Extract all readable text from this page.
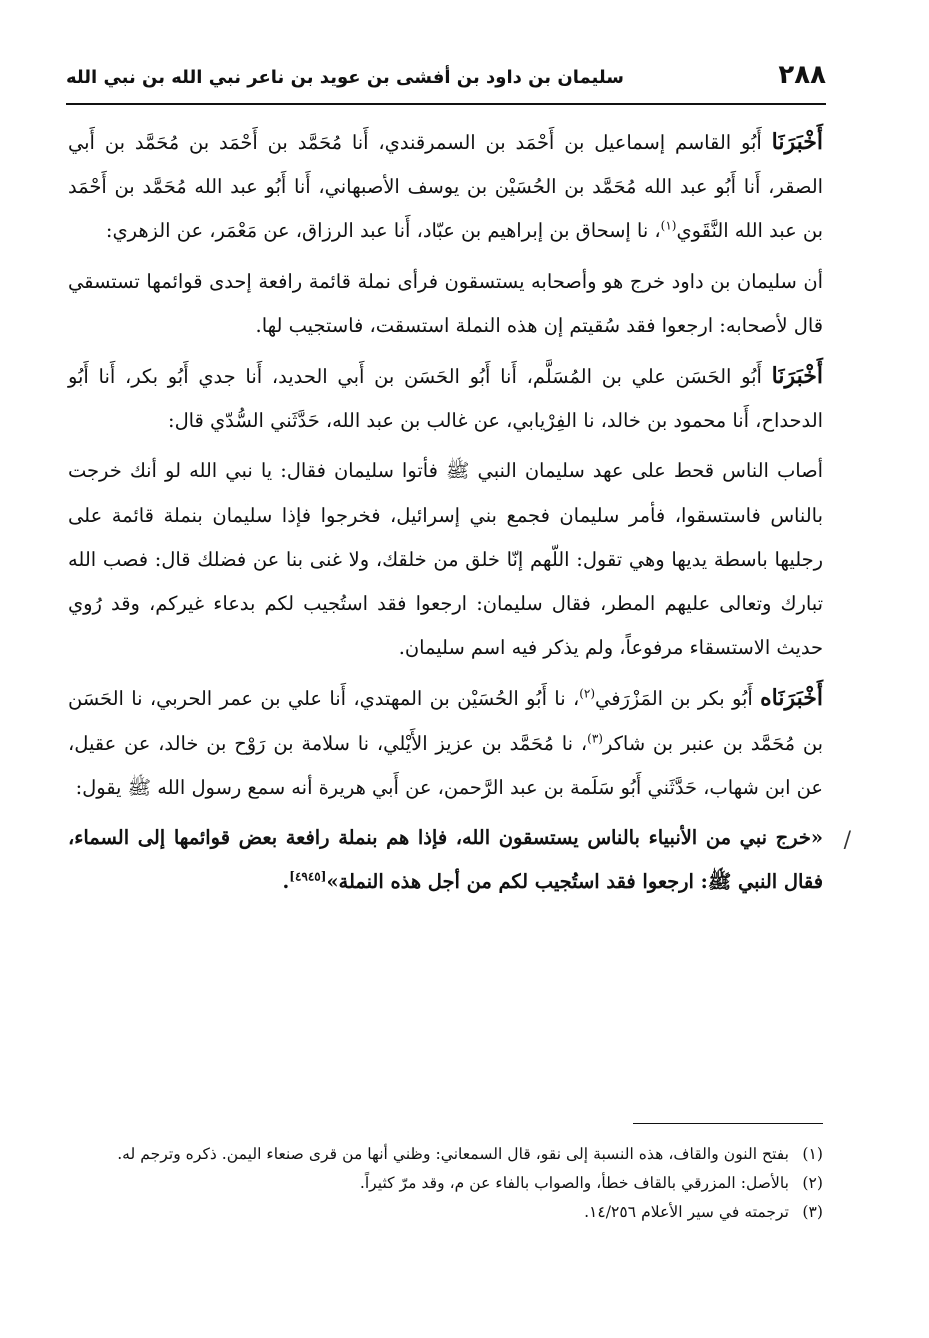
٢٨٨
سليمان بن داود بن أفشى بن عويد بن ناعر نبي الله بن نبي الله
/

أَخْبَرَنَا أَبُو القاسم إسماعيل بن أَحْمَد بن السمرقندي، أَنا مُحَمَّد بن أَحْمَد بن مُحَمَّد بن أَبي الصقر، أَنا أَبُو عبد الله مُحَمَّد بن الحُسَيْن بن يوسف الأصبهاني، أَنا أَبُو عبد الله مُحَمَّد بن أَحْمَد بن عبد الله النَّقَوي$^{(١)}$، نا إسحاق بن إبراهيم بن عبّاد، أَنا عبد الرزاق، عن مَعْمَر، عن الزهري:

أن سليمان بن داود خرج هو وأصحابه يستسقون فرأى نملة قائمة رافعة إحدى قوائمها تستسقي قال لأصحابه: ارجعوا فقد سُقيتم إن هذه النملة استسقت، فاستجيب لها.

أَخْبَرَنَا أَبُو الحَسَن علي بن المُسَلَّم، أَنا أَبُو الحَسَن بن أَبي الحديد، أَنا جدي أَبُو بكر، أَنا أَبُو الدحداح، أَنا محمود بن خالد، نا الفِرْيابي، عن غالب بن عبد الله، حَدَّثَني السُّدّي قال:

أصاب الناس قحط على عهد سليمان النبي ﷺ فأتوا سليمان فقال: يا نبي الله لو أنك خرجت بالناس فاستسقوا، فأمر سليمان فجمع بني إسرائيل، فخرجوا فإذا سليمان بنملة قائمة على رجليها باسطة يديها وهي تقول: اللّهم إنّا خلق من خلقك، ولا غنى بنا عن فضلك قال: فصب الله تبارك وتعالى عليهم المطر، فقال سليمان: ارجعوا فقد استُجيب لكم بدعاء غيركم، وقد رُوي حديث الاستسقاء مرفوعاً، ولم يذكر فيه اسم سليمان.

أَخْبَرَنَاه أَبُو بكر بن المَزْرَفي$^{(٢)}$، نا أَبُو الحُسَيْن بن المهتدي، أَنا علي بن عمر الحربي، نا الحَسَن بن مُحَمَّد بن عنبر بن شاكر$^{(٣)}$، نا مُحَمَّد بن عزيز الأَيْلي، نا سلامة بن رَوْح بن خالد، عن عقيل، عن ابن شهاب، حَدَّثَني أَبُو سَلَمة بن عبد الرَّحمن، عن أَبي هريرة أنه سمع رسول الله ﷺ يقول:

«خرج نبي من الأنبياء بالناس يستسقون الله، فإذا هم بنملة رافعة بعض قوائمها إلى السماء، فقال النبي ﷺ: ارجعوا فقد استُجيب لكم من أجل هذه النملة»[٤٩٤٥].

(١)
بفتح النون والقاف، هذه النسبة إلى نقو، قال السمعاني: وظني أنها من قرى صنعاء اليمن. ذكره وترجم له.
(٢)
بالأصل: المزرقي بالقاف خطأ، والصواب بالفاء عن م، وقد مرّ كثيراً.
(٣)
ترجمته في سير الأعلام ١٤/٢٥٦.
